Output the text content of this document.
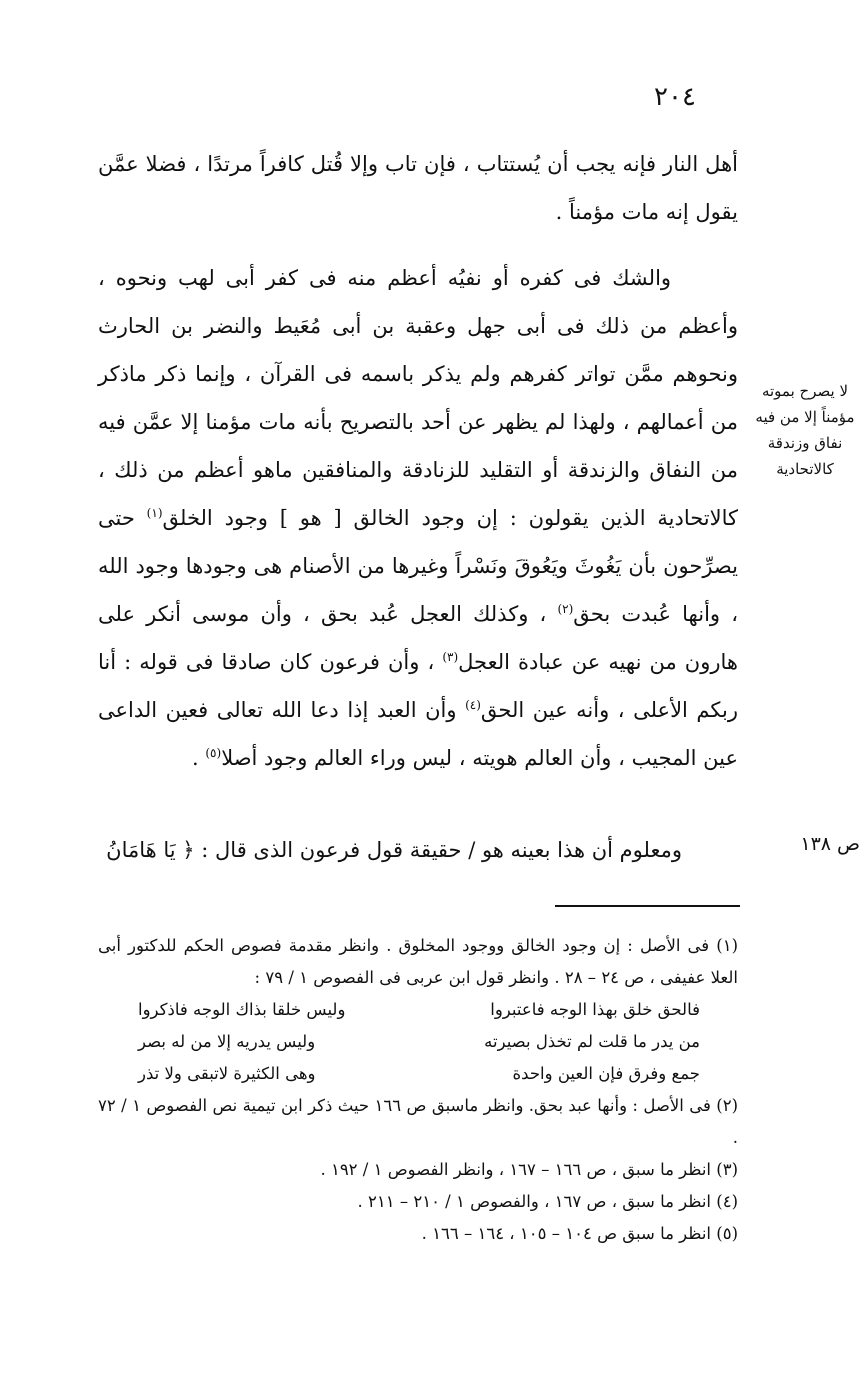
٢٠٤

أهل النار فإنه يجب أن يُستتاب ، فإن تاب وإلا قُتل كافراً مرتدًا ، فضلا عمَّن يقول إنه مات مؤمناً .

والشك فى كفره أو نفيُه أعظم منه فى كفر أبى لهب ونحوه ، وأعظم من ذلك فى أبى جهل وعقبة بن أبى مُعَيط والنضر بن الحارث ونحوهم ممَّن تواتر كفرهم ولم يذكر باسمه فى القرآن ، وإنما ذكر ماذكر من أعمالهم ، ولهذا لم يظهر عن أحد بالتصريح بأنه مات مؤمنا إلا عمَّن فيه من النفاق والزندقة أو التقليد للزنادقة والمنافقين ماهو أعظم من ذلك ، كالاتحادية الذين يقولون : إن وجود الخالق [ هو ] وجود الخلق$^{(١)}$ حتى يصرِّحون بأن يَغُوثَ ويَعُوقَ ونَسْراً وغيرها من الأصنام هى وجودها وجود الله ، وأنها عُبدت بحق$^{(٢)}$ ، وكذلك العجل عُبد بحق ، وأن موسى أنكر على هارون من نهيه عن عبادة العجل$^{(٣)}$ ، وأن فرعون كان صادقا فى قوله : أنا ربكم الأعلى ، وأنه عين الحق$^{(٤)}$ وأن العبد إذا دعا الله تعالى فعين الداعى عين المجيب ، وأن العالم هويته ، ليس وراء العالم وجود أصلا$^{(٥)}$ .

لا يصرح بموته
مؤمناً إلا من فيه
نفاق وزندقة
كالاتحادية
ص ١٣٨

ومعلوم أن هذا بعينه هو / حقيقة قول فرعون الذى قال : ﴿ يَا هَامَانُ

(١) فى الأصل : إن وجود الخالق ووجود المخلوق . وانظر مقدمة فصوص الحكم للدكتور أبى العلا عفيفى ، ص ٢٤ – ٢٨ . وانظر قول ابن عربى فى الفصوص ١ / ٧٩ :

فالحق خلق بهذا الوجه فاعتبروا
وليس خلقا بذاك الوجه فاذكروا
من يدر ما قلت لم تخذل بصيرته
وليس يدريه إلا من له بصر
جمع وفرق فإن العين واحدة
وهى الكثيرة لاتبقى ولا تذر

(٢) فى الأصل : وأنها عبد بحق. وانظر ماسبق ص ١٦٦ حيث ذكر ابن تيمية نص الفصوص ١ / ٧٢ .

(٣) انظر ما سبق ، ص ١٦٦ – ١٦٧ ، وانظر الفصوص ١ / ١٩٢ .

(٤) انظر ما سبق ، ص ١٦٧ ، والفصوص ١ / ٢١٠ – ٢١١ .

(٥) انظر ما سبق ص ١٠٤ – ١٠٥ ، ١٦٤ – ١٦٦ .
